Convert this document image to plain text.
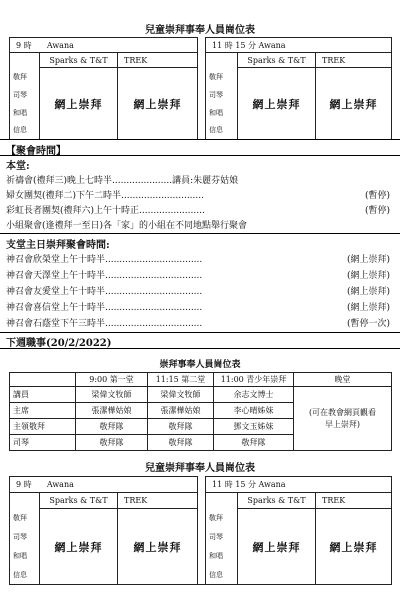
兒童崇拜事奉人員崗位表
9 時 Awana				11 時 15 分 Awana		
	Sparks & T&T	TREK			Sparks & T&T	TREK
敬拜	網上崇拜	網上崇拜		敬拜	網上崇拜	網上崇拜
司琴				司琴		
和唱				和唱		
信息				信息		
【聚會時間】
本堂:
祈禱會(禮拜三)晚上七時半.....................講員:朱麗芬姑娘
婦女團契(禮拜二)下午二時半.............................	(暫停)
彩虹長者團契(禮拜六)上午十時正.......................	(暫停)
小組聚會(逢禮拜一至日)各「家」的小組在不同地點舉行聚會
支堂主日崇拜聚會時間:
神召會欣榮堂上午十時半..................................	(網上崇拜)
神召會天澤堂上午十時半..................................	(網上崇拜)
神召會友愛堂上午十時半..................................	(網上崇拜)
神召會喜信堂上午十時半..................................	(網上崇拜)
神召會石蔭堂下午三時半..................................	(暫停一次)
下週職事(20/2/2022)
崇拜事奉人員崗位表
	9:00 第一堂	11:15 第二堂	11:00 青少年崇拜	晚堂
講員	梁偉文牧師	梁偉文牧師	余志文博士	(可在教會網頁觀看早上崇拜)
主席	張潔樺姑娘	張潔樺姑娘	李心晴姊妹	
主領敬拜	敬拜隊	敬拜隊	鄧文玉姊妹	
司琴	敬拜隊	敬拜隊	敬拜隊	
兒童崇拜事奉人員崗位表
9 時 Awana				11 時 15 分 Awana		
	Sparks & T&T	TREK			Sparks & T&T	TREK
敬拜	網上崇拜	網上崇拜		敬拜	網上崇拜	網上崇拜
司琴				司琴		
和唱				和唱		
信息				信息		
